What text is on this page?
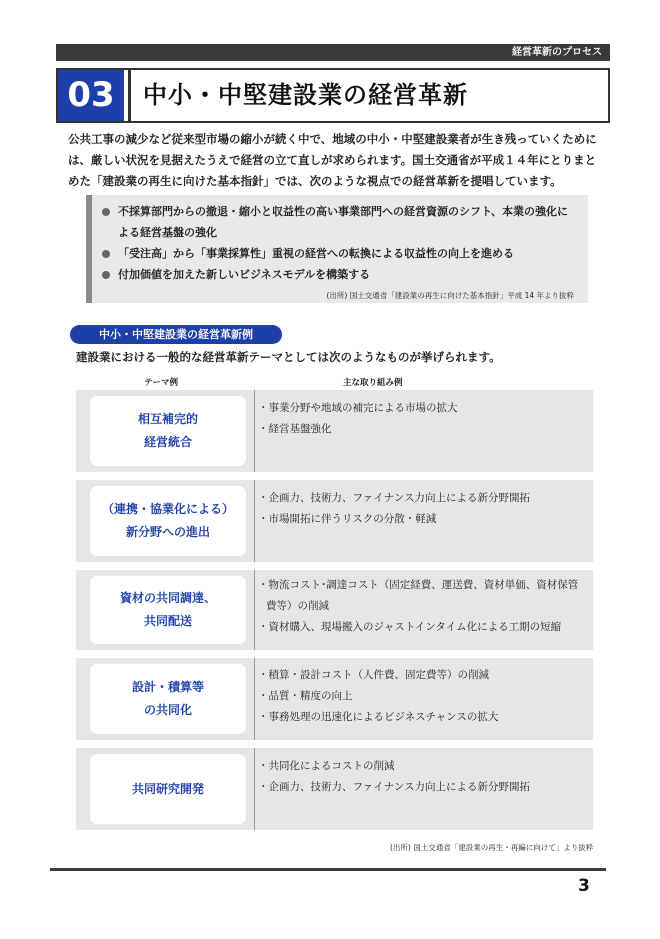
経営革新のプロセス
03	中小・中堅建設業の経営革新

公共工事の減少など従来型市場の縮小が続く中で、地域の中小・中堅建設業者が生き残っていくためには、厳しい状況を見据えたうえで経営の立て直しが求められます。国土交通省が平成１４年にとりまとめた「建設業の再生に向けた基本指針」では、次のような視点での経営革新を提唱しています。

不採算部門からの撤退・縮小と収益性の高い事業部門への経営資源のシフト、本業の強化による経営基盤の強化
「受注高」から「事業採算性」重視の経営への転換による収益性の向上を進める
付加価値を加えた新しいビジネスモデルを構築する
(出所) 国土交通省「建設業の再生に向けた基本指針」平成 14 年より抜粋
中小・中堅建設業の経営革新例
建設業における一般的な経営革新テーマとしては次のようなものが挙げられます。
テーマ例	主な取り組み例
相互補完的
経営統合
・事業分野や地域の補完による市場の拡大
・経営基盤強化
（連携・協業化による）
新分野への進出
・企画力、技術力、ファイナンス力向上による新分野開拓
・市場開拓に伴うリスクの分散・軽減
資材の共同調達、
共同配送
・物流コスト･調達コスト（固定経費、運送費、資材単価、資材保管費等）の削減
・資材購入、現場搬入のジャストインタイム化による工期の短縮
設計・積算等
の共同化
・積算・設計コスト（人件費、固定費等）の削減
・品質・精度の向上
・事務処理の迅速化によるビジネスチャンスの拡大
共同研究開発
・共同化によるコストの削減
・企画力、技術力、ファイナンス力向上による新分野開拓
(出所) 国土交通省「建設業の再生・再編に向けて」より抜粋
3
